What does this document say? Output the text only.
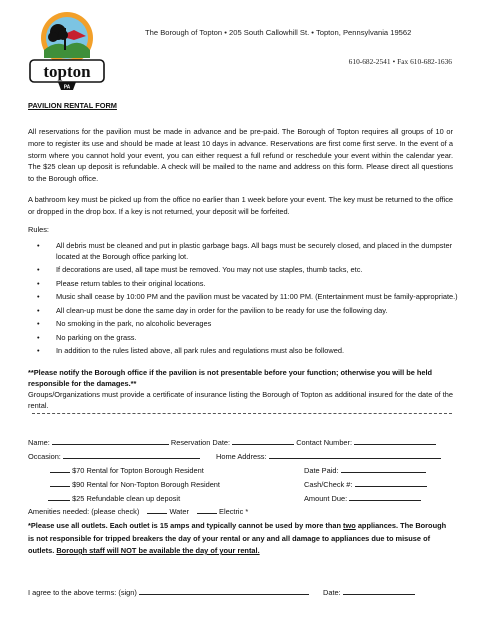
topton
PA
The Borough of Topton • 205 South Callowhill St. • Topton, Pennsylvania 19562
610-682-2541 • Fax 610-682-1636
PAVILION RENTAL FORM
All reservations for the pavilion must be made in advance and be pre-paid. The Borough of Topton requires all groups of 10 or more to register its use and should be made at least 10 days in advance. Reservations are first come first serve. In the event of a storm where you cannot hold your event, you can either request a full refund or reschedule your event within the calendar year. The $25 clean up deposit is refundable. A check will be mailed to the name and address on this form. Please direct all questions to the Borough office.
A bathroom key must be picked up from the office no earlier than 1 week before your event. The key must be returned to the office or dropped in the drop box. If a key is not returned, your deposit will be forfeited.
Rules:
• All debris must be cleaned and put in plastic garbage bags. All bags must be securely closed, and placed in the dumpster located at the Borough office parking lot.
• If decorations are used, all tape must be removed. You may not use staples, thumb tacks, etc.
• Please return tables to their original locations.
• Music shall cease by 10:00 PM and the pavilion must be vacated by 11:00 PM. (Entertainment must be family-appropriate.)
• All clean-up must be done the same day in order for the pavilion to be ready for use the following day.
• No smoking in the park, no alcoholic beverages
• No parking on the grass.
• In addition to the rules listed above, all park rules and regulations must also be followed.
**Please notify the Borough office if the pavilion is not presentable before your function; otherwise you will be held responsible for the damages.**
Groups/Organizations must provide a certificate of insurance listing the Borough of Topton as additional insured for the date of the rental.
Name:	Reservation Date:	Contact Number:
Occasion:	Home Address:
$70 Rental for Topton Borough Resident	Date Paid:
$90 Rental for Non-Topton Borough Resident	Cash/Check #:
$25 Refundable clean up deposit	Amount Due:
Amenities needed: (please check)	Water	Electric *
*Please use all outlets. Each outlet is 15 amps and typically cannot be used by more than two appliances. The Borough is not responsible for tripped breakers the day of your rental or any and all damage to appliances due to misuse of outlets. Borough staff will NOT be available the day of your rental.
I agree to the above terms: (sign)	Date:
